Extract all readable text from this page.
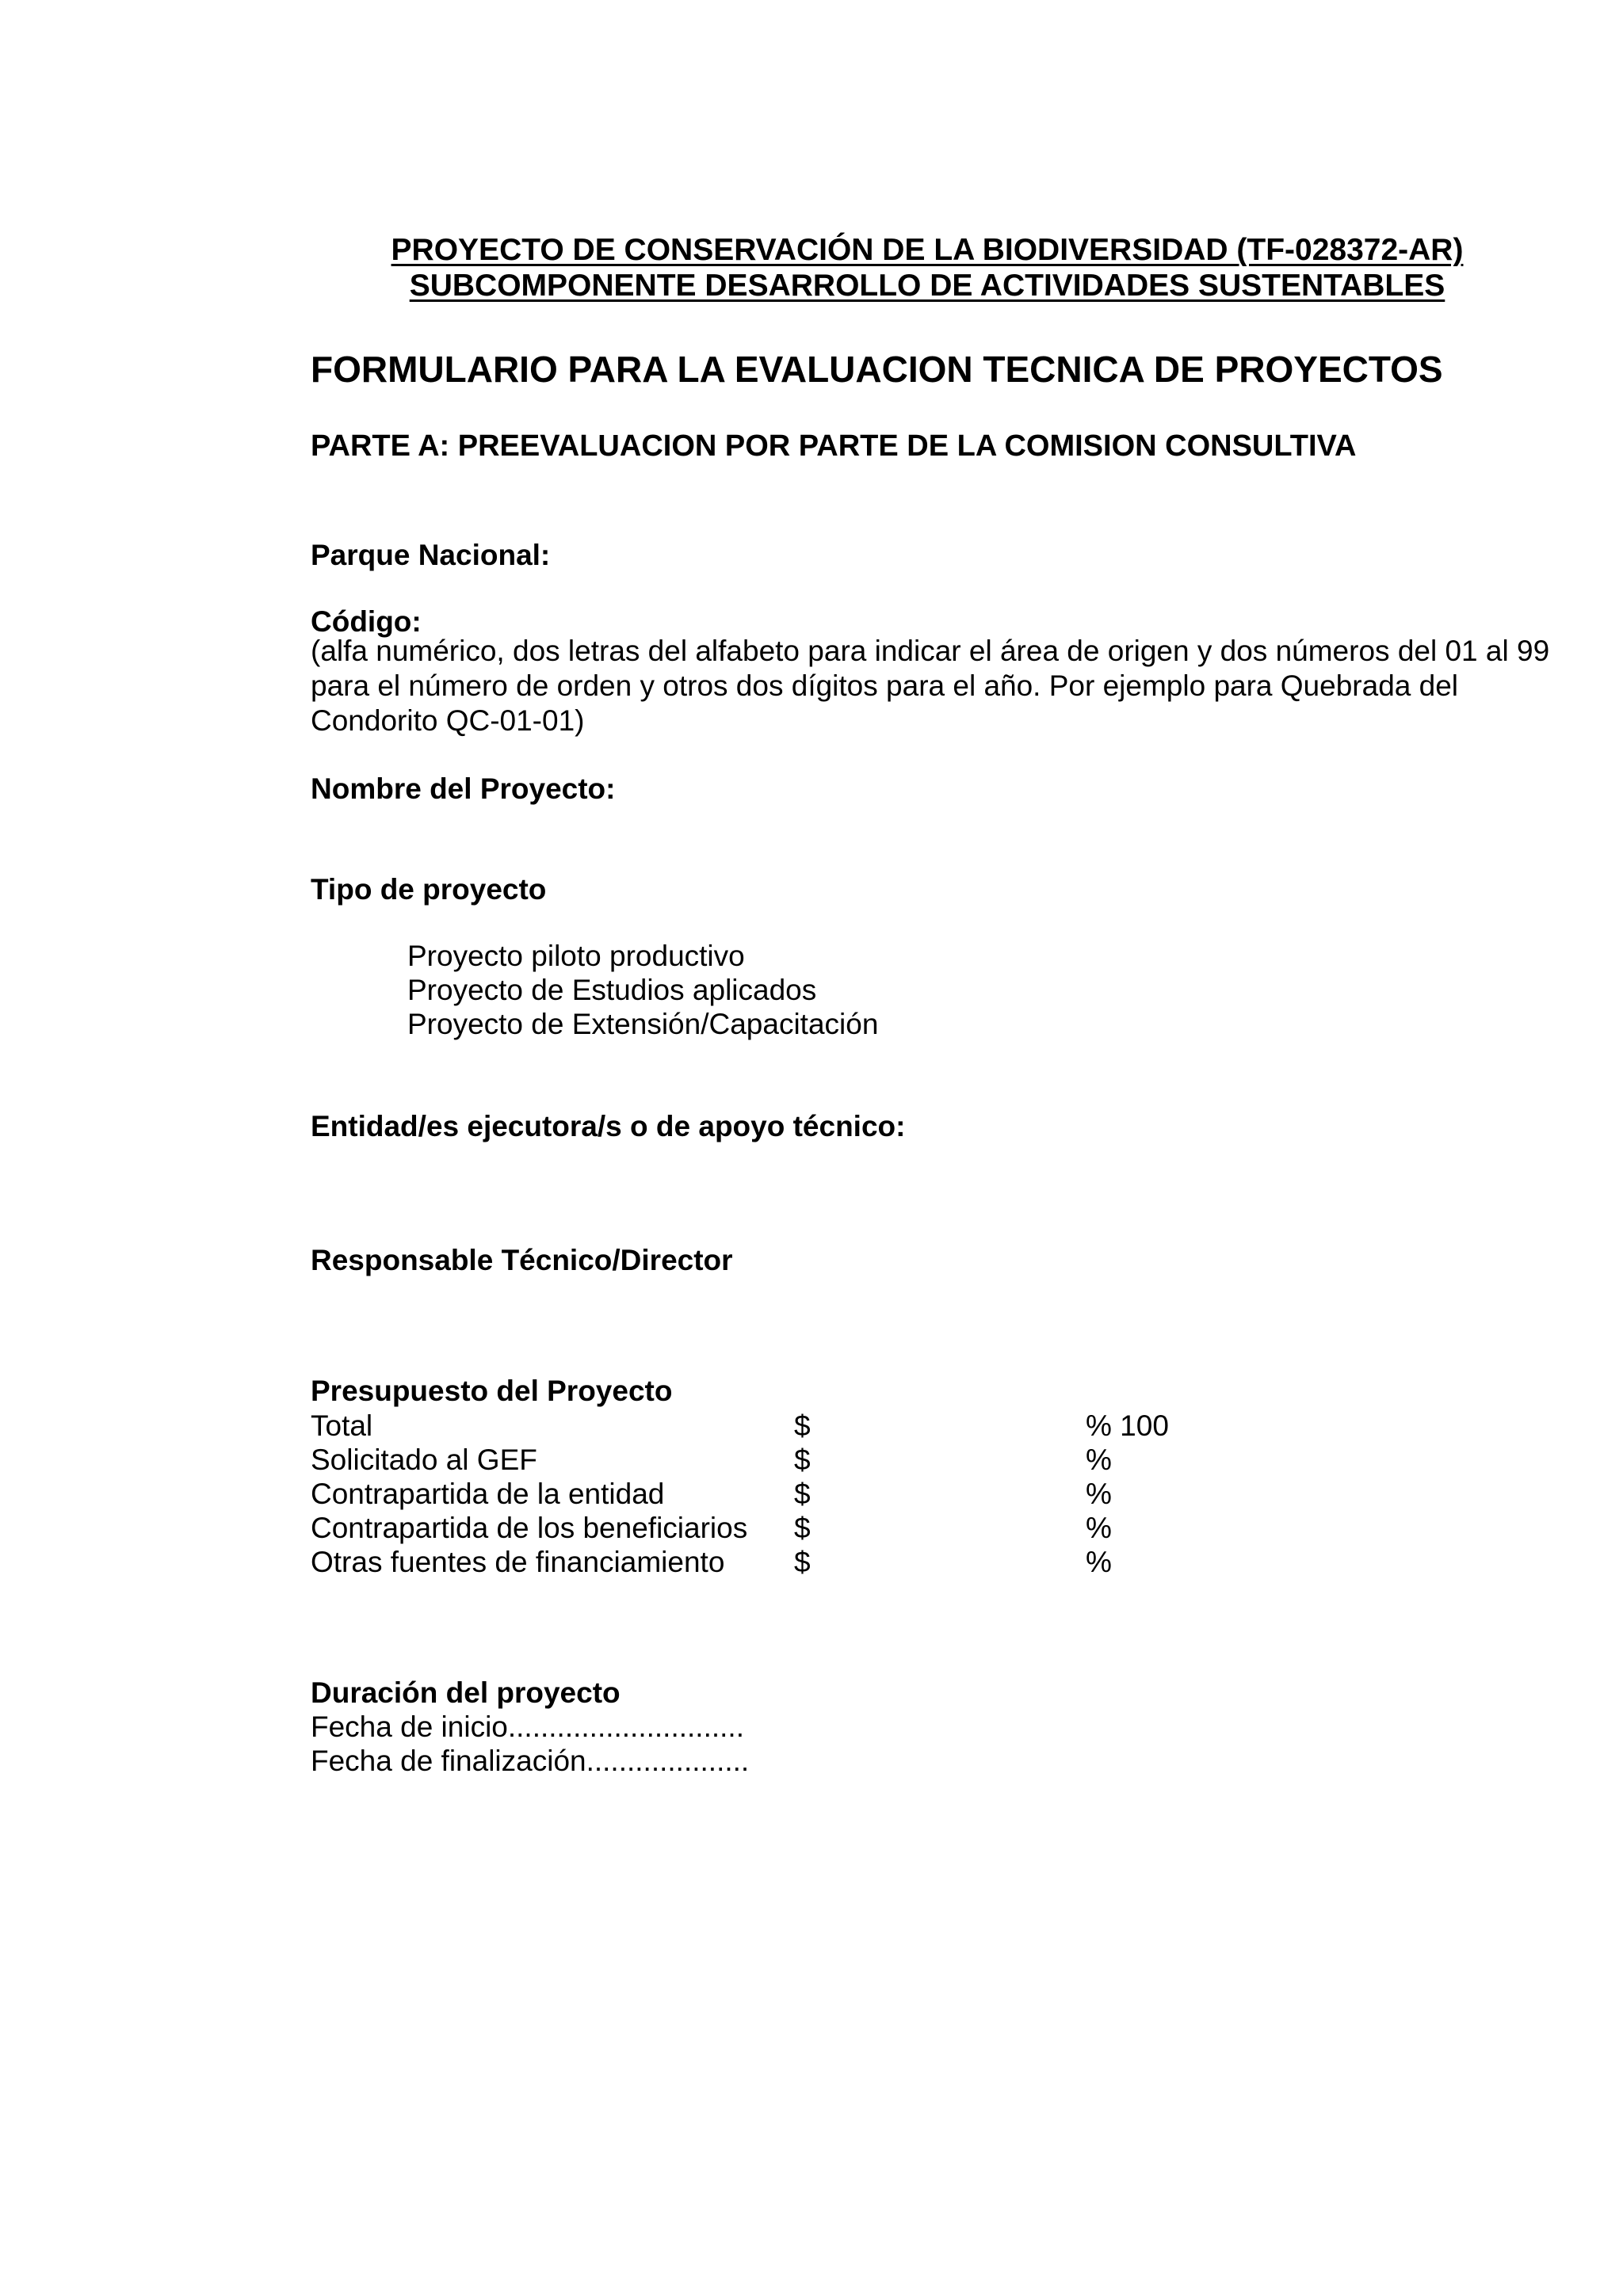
PROYECTO DE CONSERVACIÓN DE LA BIODIVERSIDAD (TF-028372-AR)
SUBCOMPONENTE DESARROLLO DE ACTIVIDADES SUSTENTABLES
FORMULARIO PARA LA EVALUACION TECNICA DE PROYECTOS
PARTE A: PREEVALUACION POR PARTE DE LA COMISION CONSULTIVA
Parque Nacional:
Código:
(alfa numérico, dos letras del alfabeto para indicar el área de origen y dos números del 01 al 99 para el número de orden y otros dos dígitos para el año. Por ejemplo para Quebrada del Condorito QC-01-01)
Nombre del Proyecto:
Tipo de proyecto
Proyecto piloto productivo
Proyecto de Estudios aplicados
Proyecto de Extensión/Capacitación
Entidad/es ejecutora/s o de apoyo técnico:
Responsable Técnico/Director
Presupuesto del Proyecto
Total	$	% 100
Solicitado al GEF	$	%
Contrapartida de la entidad	$	%
Contrapartida de los beneficiarios $	%
Otras fuentes de financiamiento $	%
Duración del proyecto
Fecha de inicio.............................
Fecha de finalización....................
